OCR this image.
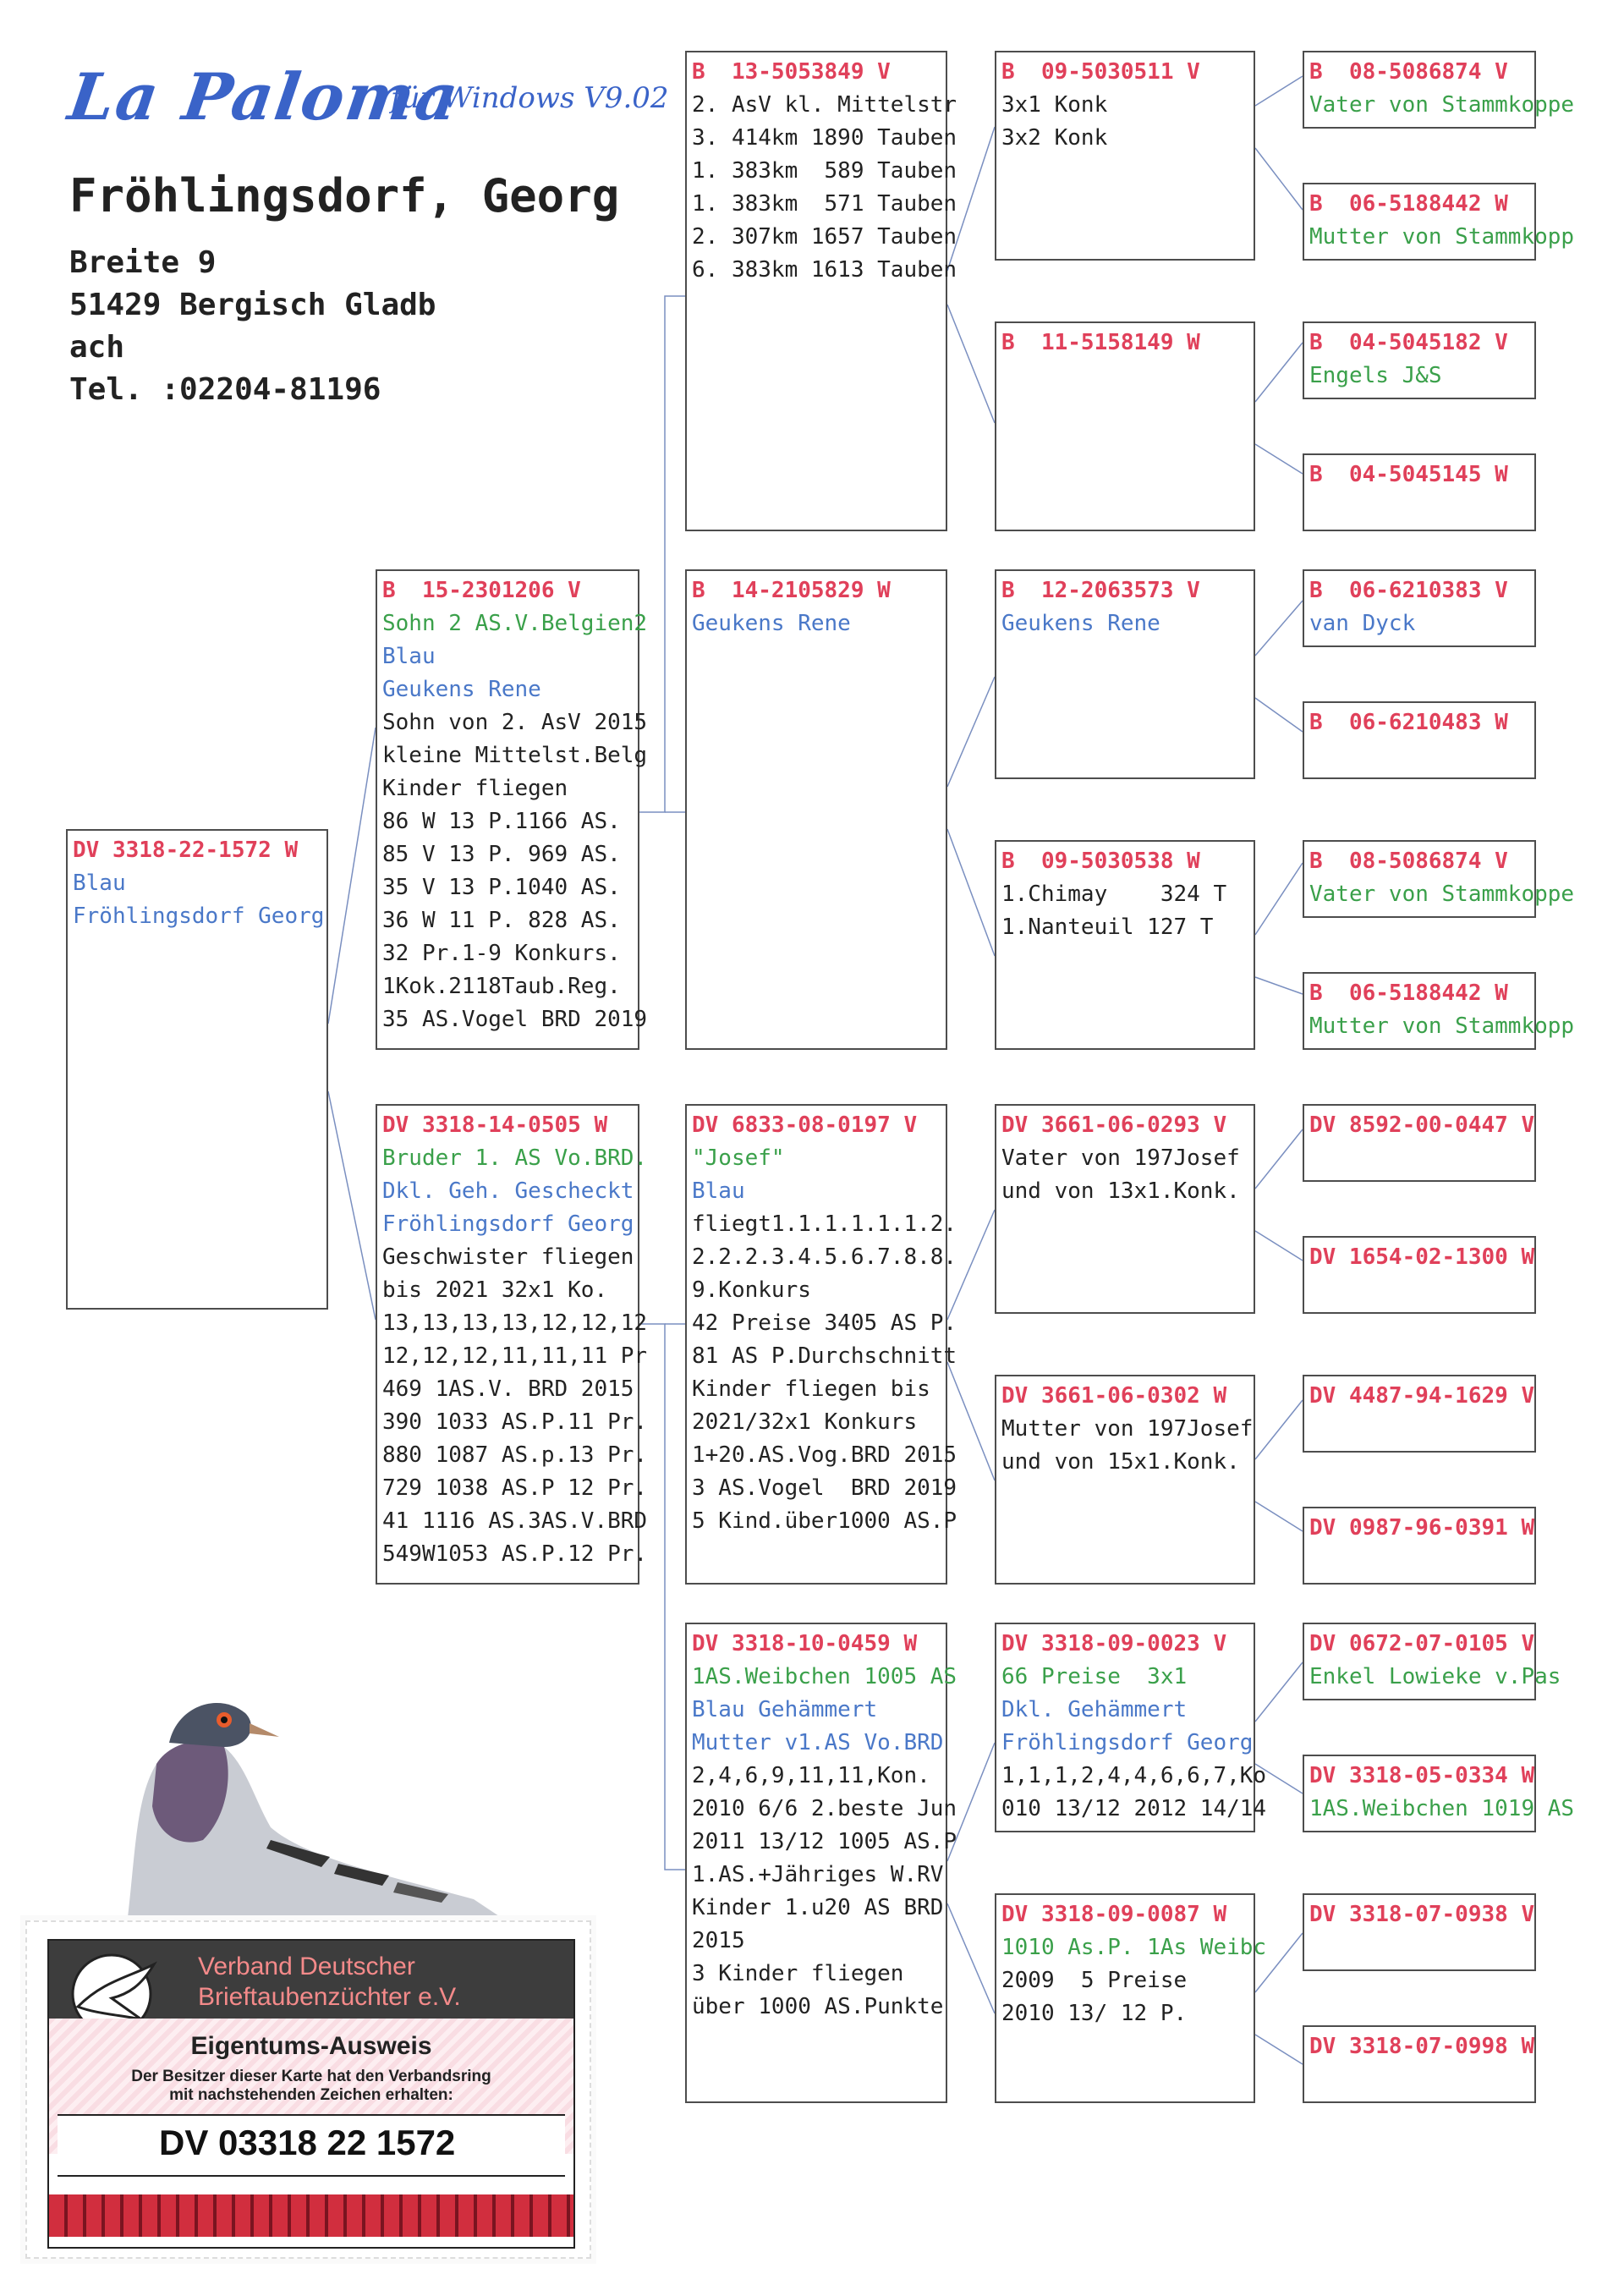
La Paloma
für Windows V9.02
Fröhlingsdorf, Georg
Breite 9
51429 Bergisch Gladb
ach
Tel. :02204-81196
DV 3318-22-1572 W
Blau
Fröhlingsdorf Georg
B  15-2301206 V
Sohn 2 AS.V.Belgien2
Blau
Geukens Rene
Sohn von 2. AsV 2015
kleine Mittelst.Belg
Kinder fliegen
86 W 13 P.1166 AS.
85 V 13 P. 969 AS.
35 V 13 P.1040 AS.
36 W 11 P. 828 AS.
32 Pr.1-9 Konkurs.
1Kok.2118Taub.Reg.
35 AS.Vogel BRD 2019
DV 3318-14-0505 W
Bruder 1. AS Vo.BRD.
Dkl. Geh. Gescheckt
Fröhlingsdorf Georg
Geschwister fliegen
bis 2021 32x1 Ko.
13,13,13,13,12,12,12
12,12,12,11,11,11 Pr
469 1AS.V. BRD 2015
390 1033 AS.P.11 Pr.
880 1087 AS.p.13 Pr.
729 1038 AS.P 12 Pr.
41 1116 AS.3AS.V.BRD
549W1053 AS.P.12 Pr.
B  13-5053849 V
2. AsV kl. Mittelstr
3. 414km 1890 Tauben
1. 383km  589 Tauben
1. 383km  571 Tauben
2. 307km 1657 Tauben
6. 383km 1613 Tauben
B  14-2105829 W
Geukens Rene
DV 6833-08-0197 V
"Josef"
Blau
fliegt1.1.1.1.1.1.2.
2.2.2.3.4.5.6.7.8.8.
9.Konkurs
42 Preise 3405 AS P.
81 AS P.Durchschnitt
Kinder fliegen bis
2021/32x1 Konkurs
1+20.AS.Vog.BRD 2015
3 AS.Vogel  BRD 2019
5 Kind.über1000 AS.P
DV 3318-10-0459 W
1AS.Weibchen 1005 AS
Blau Gehämmert
Mutter v1.AS Vo.BRD
2,4,6,9,11,11,Kon.
2010 6/6 2.beste Jun
2011 13/12 1005 AS.P
1.AS.+Jähriges W.RV
Kinder 1.u20 AS BRD
2015
3 Kinder fliegen
über 1000 AS.Punkte
B  09-5030511 V
3x1 Konk
3x2 Konk
B  11-5158149 W
B  12-2063573 V
Geukens Rene
B  09-5030538 W
1.Chimay    324 T
1.Nanteuil 127 T
DV 3661-06-0293 V
Vater von 197Josef
und von 13x1.Konk.
DV 3661-06-0302 W
Mutter von 197Josef
und von 15x1.Konk.
DV 3318-09-0023 V
66 Preise  3x1
Dkl. Gehämmert
Fröhlingsdorf Georg
1,1,1,2,4,4,6,6,7,Ko
010 13/12 2012 14/14
DV 3318-09-0087 W
1010 As.P. 1As Weibc
2009  5 Preise
2010 13/ 12 P.
B  08-5086874 V
Vater von Stammkoppe
B  06-5188442 W
Mutter von Stammkopp
B  04-5045182 V
Engels J&S
B  04-5045145 W
B  06-6210383 V
van Dyck
B  06-6210483 W
B  08-5086874 V
Vater von Stammkoppe
B  06-5188442 W
Mutter von Stammkopp
DV 8592-00-0447 V
DV 1654-02-1300 W
DV 4487-94-1629 V
DV 0987-96-0391 W
DV 0672-07-0105 V
Enkel Lowieke v.Pas
DV 3318-05-0334 W
1AS.Weibchen 1019 AS
DV 3318-07-0938 V
DV 3318-07-0998 W
Verband Deutscher
Brieftaubenzüchter e.V.
Eigentums-Ausweis
Der Besitzer dieser Karte hat den Verbandsring
mit nachstehenden Zeichen erhalten:
DV 03318 22 1572
